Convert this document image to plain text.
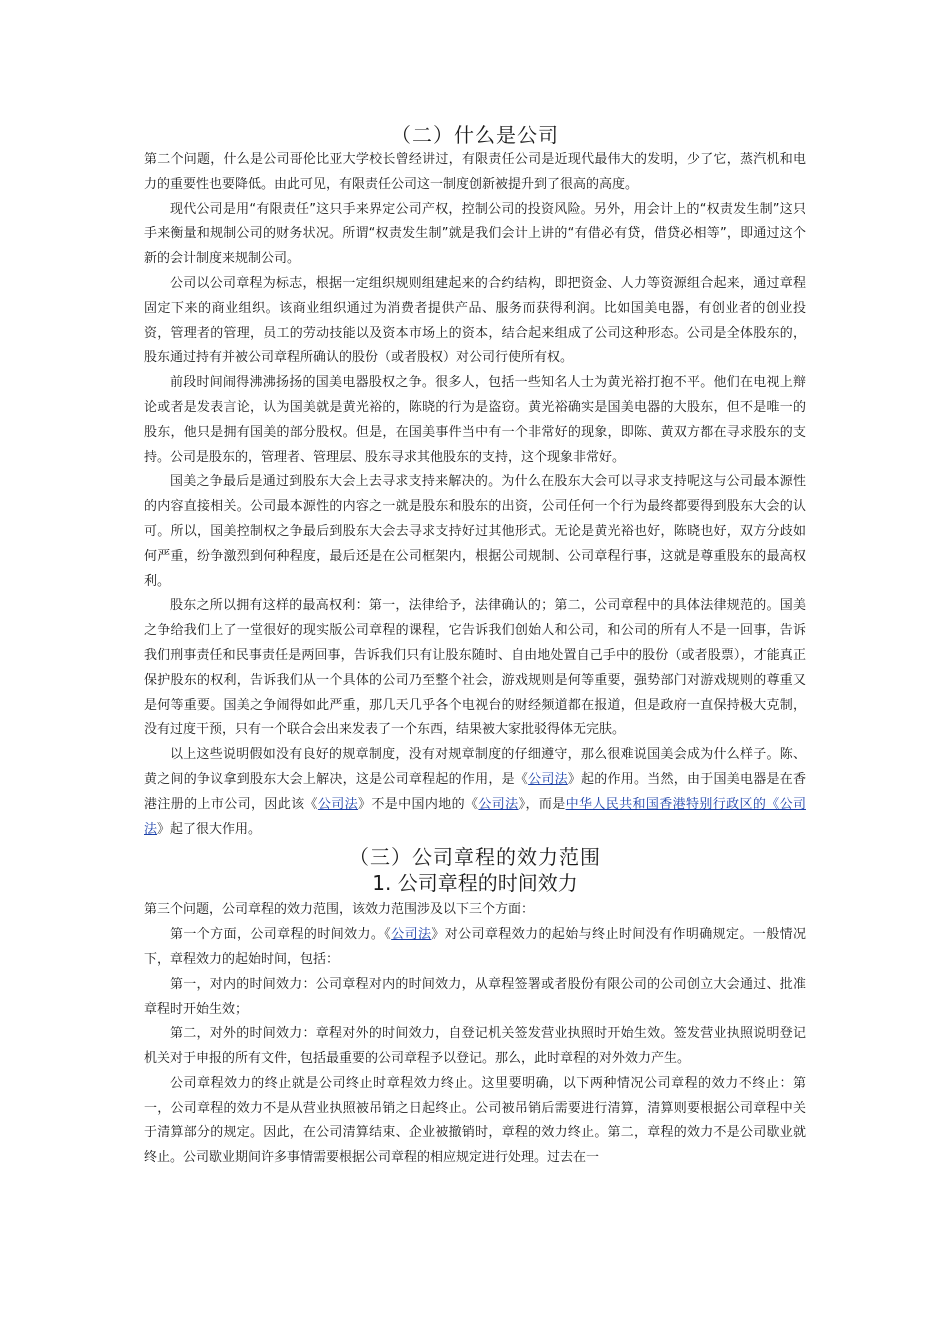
（二）什么是公司

第二个问题，什么是公司哥伦比亚大学校长曾经讲过，有限责任公司是近现代最伟大的发明，少了它，蒸汽机和电力的重要性也要降低。由此可见，有限责任公司这一制度创新被提升到了很高的高度。

现代公司是用“有限责任”这只手来界定公司产权，控制公司的投资风险。另外，用会计上的“权责发生制”这只手来衡量和规制公司的财务状况。所谓“权责发生制”就是我们会计上讲的“有借必有贷，借贷必相等”，即通过这个新的会计制度来规制公司。

公司以公司章程为标志，根据一定组织规则组建起来的合约结构，即把资金、人力等资源组合起来，通过章程固定下来的商业组织。该商业组织通过为消费者提供产品、服务而获得利润。比如国美电器，有创业者的创业投资，管理者的管理，员工的劳动技能以及资本市场上的资本，结合起来组成了公司这种形态。公司是全体股东的，股东通过持有并被公司章程所确认的股份（或者股权）对公司行使所有权。

前段时间闹得沸沸扬扬的国美电器股权之争。很多人，包括一些知名人士为黄光裕打抱不平。他们在电视上辩论或者是发表言论，认为国美就是黄光裕的，陈晓的行为是盗窃。黄光裕确实是国美电器的大股东，但不是唯一的股东，他只是拥有国美的部分股权。但是，在国美事件当中有一个非常好的现象，即陈、黄双方都在寻求股东的支持。公司是股东的，管理者、管理层、股东寻求其他股东的支持，这个现象非常好。

国美之争最后是通过到股东大会上去寻求支持来解决的。为什么在股东大会可以寻求支持呢这与公司最本源性的内容直接相关。公司最本源性的内容之一就是股东和股东的出资，公司任何一个行为最终都要得到股东大会的认可。所以，国美控制权之争最后到股东大会去寻求支持好过其他形式。无论是黄光裕也好，陈晓也好，双方分歧如何严重，纷争激烈到何种程度，最后还是在公司框架内，根据公司规制、公司章程行事，这就是尊重股东的最高权利。

股东之所以拥有这样的最高权利：第一，法律给予，法律确认的；第二，公司章程中的具体法律规范的。国美之争给我们上了一堂很好的现实版公司章程的课程，它告诉我们创始人和公司，和公司的所有人不是一回事，告诉我们刑事责任和民事责任是两回事，告诉我们只有让股东随时、自由地处置自己手中的股份（或者股票），才能真正保护股东的权利，告诉我们从一个具体的公司乃至整个社会，游戏规则是何等重要，强势部门对游戏规则的尊重又是何等重要。国美之争闹得如此严重，那几天几乎各个电视台的财经频道都在报道，但是政府一直保持极大克制，没有过度干预，只有一个联合会出来发表了一个东西，结果被大家批驳得体无完肤。

以上这些说明假如没有良好的规章制度，没有对规章制度的仔细遵守，那么很难说国美会成为什么样子。陈、黄之间的争议拿到股东大会上解决，这是公司章程起的作用，是《公司法》起的作用。当然，由于国美电器是在香港注册的上市公司，因此该《公司法》不是中国内地的《公司法》，而是中华人民共和国香港特别行政区的《公司法》起了很大作用。

（三）公司章程的效力范围
1. 公司章程的时间效力

第三个问题，公司章程的效力范围，该效力范围涉及以下三个方面：

第一个方面，公司章程的时间效力。《公司法》对公司章程效力的起始与终止时间没有作明确规定。一般情况下，章程效力的起始时间，包括：

第一，对内的时间效力：公司章程对内的时间效力，从章程签署或者股份有限公司的公司创立大会通过、批准章程时开始生效；

第二，对外的时间效力：章程对外的时间效力，自登记机关签发营业执照时开始生效。签发营业执照说明登记机关对于申报的所有文件，包括最重要的公司章程予以登记。那么，此时章程的对外效力产生。

公司章程效力的终止就是公司终止时章程效力终止。这里要明确，以下两种情况公司章程的效力不终止：第一，公司章程的效力不是从营业执照被吊销之日起终止。公司被吊销后需要进行清算，清算则要根据公司章程中关于清算部分的规定。因此，在公司清算结束、企业被撤销时，章程的效力终止。第二，章程的效力不是公司歇业就终止。公司歇业期间许多事情需要根据公司章程的相应规定进行处理。过去在一
